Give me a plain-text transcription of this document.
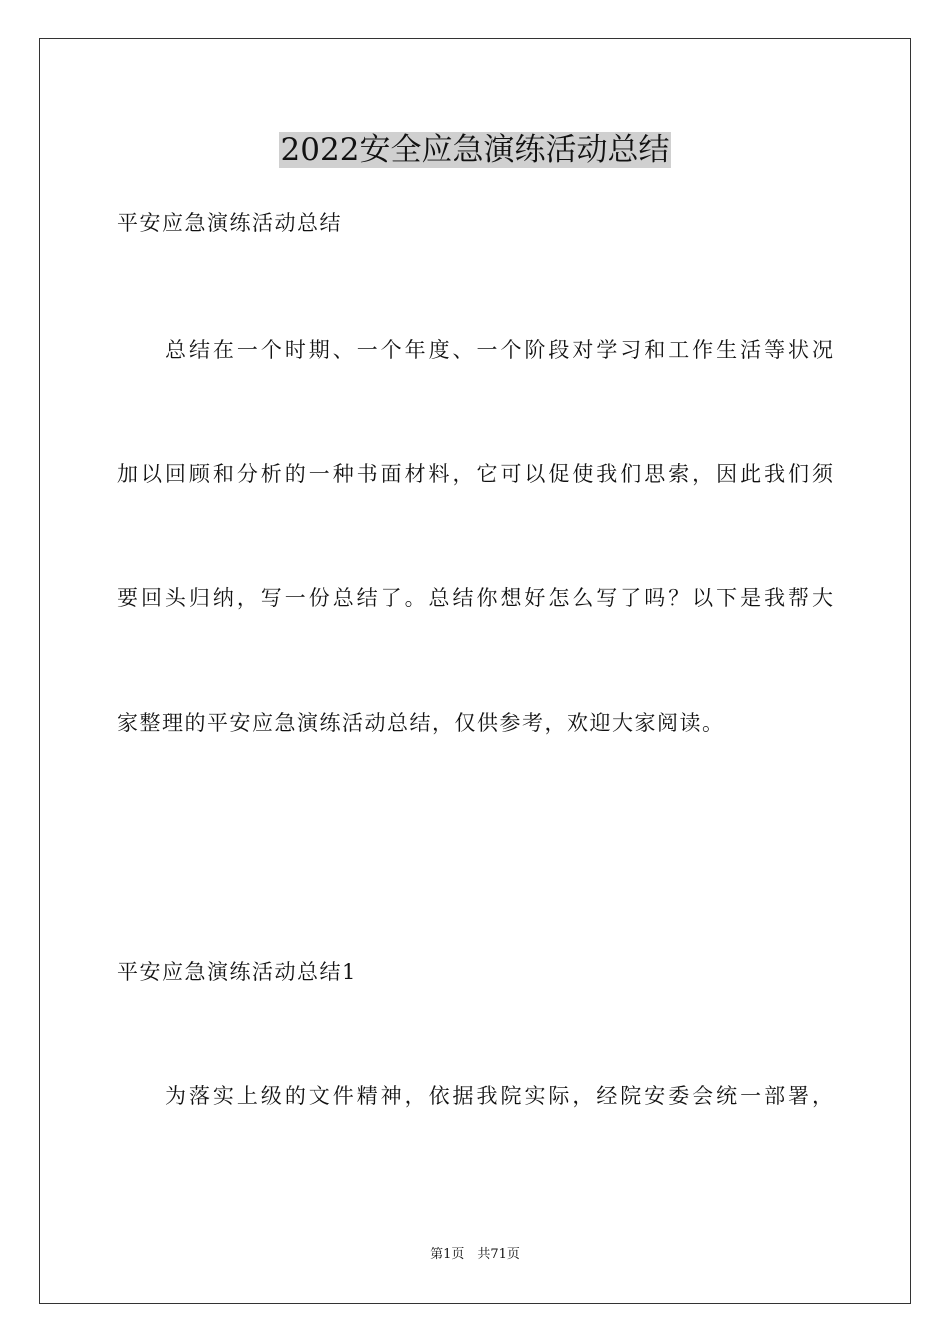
2022安全应急演练活动总结
平安应急演练活动总结
总结在一个时期、一个年度、一个阶段对学习和工作生活等状况
加以回顾和分析的一种书面材料，它可以促使我们思索，因此我们须
要回头归纳，写一份总结了。总结你想好怎么写了吗？以下是我帮大
家整理的平安应急演练活动总结，仅供参考，欢迎大家阅读。
平安应急演练活动总结1
为落实上级的文件精神，依据我院实际，经院安委会统一部署，
第1页　共71页
